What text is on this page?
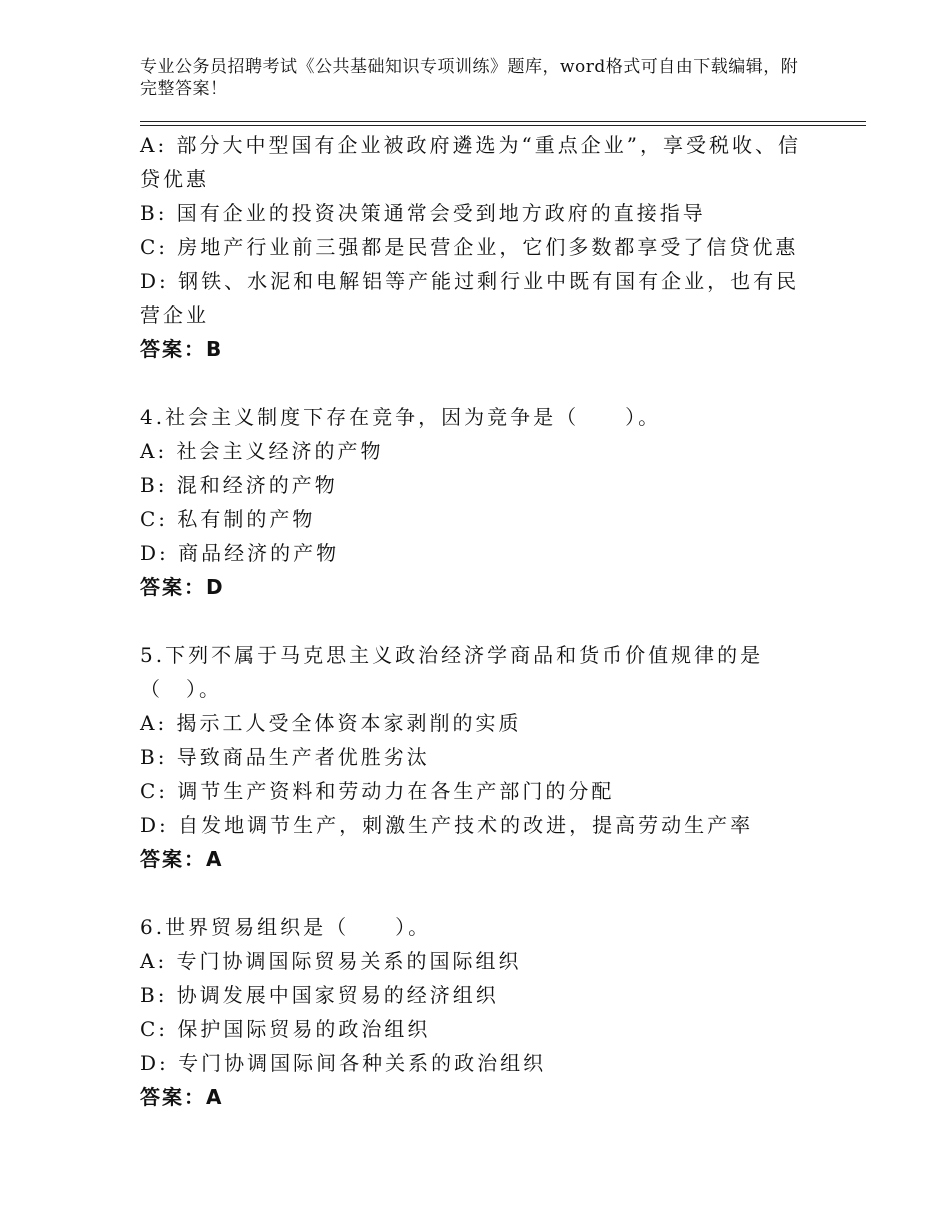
专业公务员招聘考试《公共基础知识专项训练》题库，word格式可自由下载编辑，附完整答案！
A: 部分大中型国有企业被政府遴选为“重点企业”，享受税收、信贷优惠
B: 国有企业的投资决策通常会受到地方政府的直接指导
C: 房地产行业前三强都是民营企业，它们多数都享受了信贷优惠
D: 钢铁、水泥和电解铝等产能过剩行业中既有国有企业，也有民营企业
答案：B
4.社会主义制度下存在竞争，因为竞争是（　　）。
A: 社会主义经济的产物
B: 混和经济的产物
C: 私有制的产物
D: 商品经济的产物
答案：D
5.下列不属于马克思主义政治经济学商品和货币价值规律的是（　）。
A: 揭示工人受全体资本家剥削的实质
B: 导致商品生产者优胜劣汰
C: 调节生产资料和劳动力在各生产部门的分配
D: 自发地调节生产，刺激生产技术的改进，提高劳动生产率
答案：A
6.世界贸易组织是（　　）。
A: 专门协调国际贸易关系的国际组织
B: 协调发展中国家贸易的经济组织
C: 保护国际贸易的政治组织
D: 专门协调国际间各种关系的政治组织
答案：A
